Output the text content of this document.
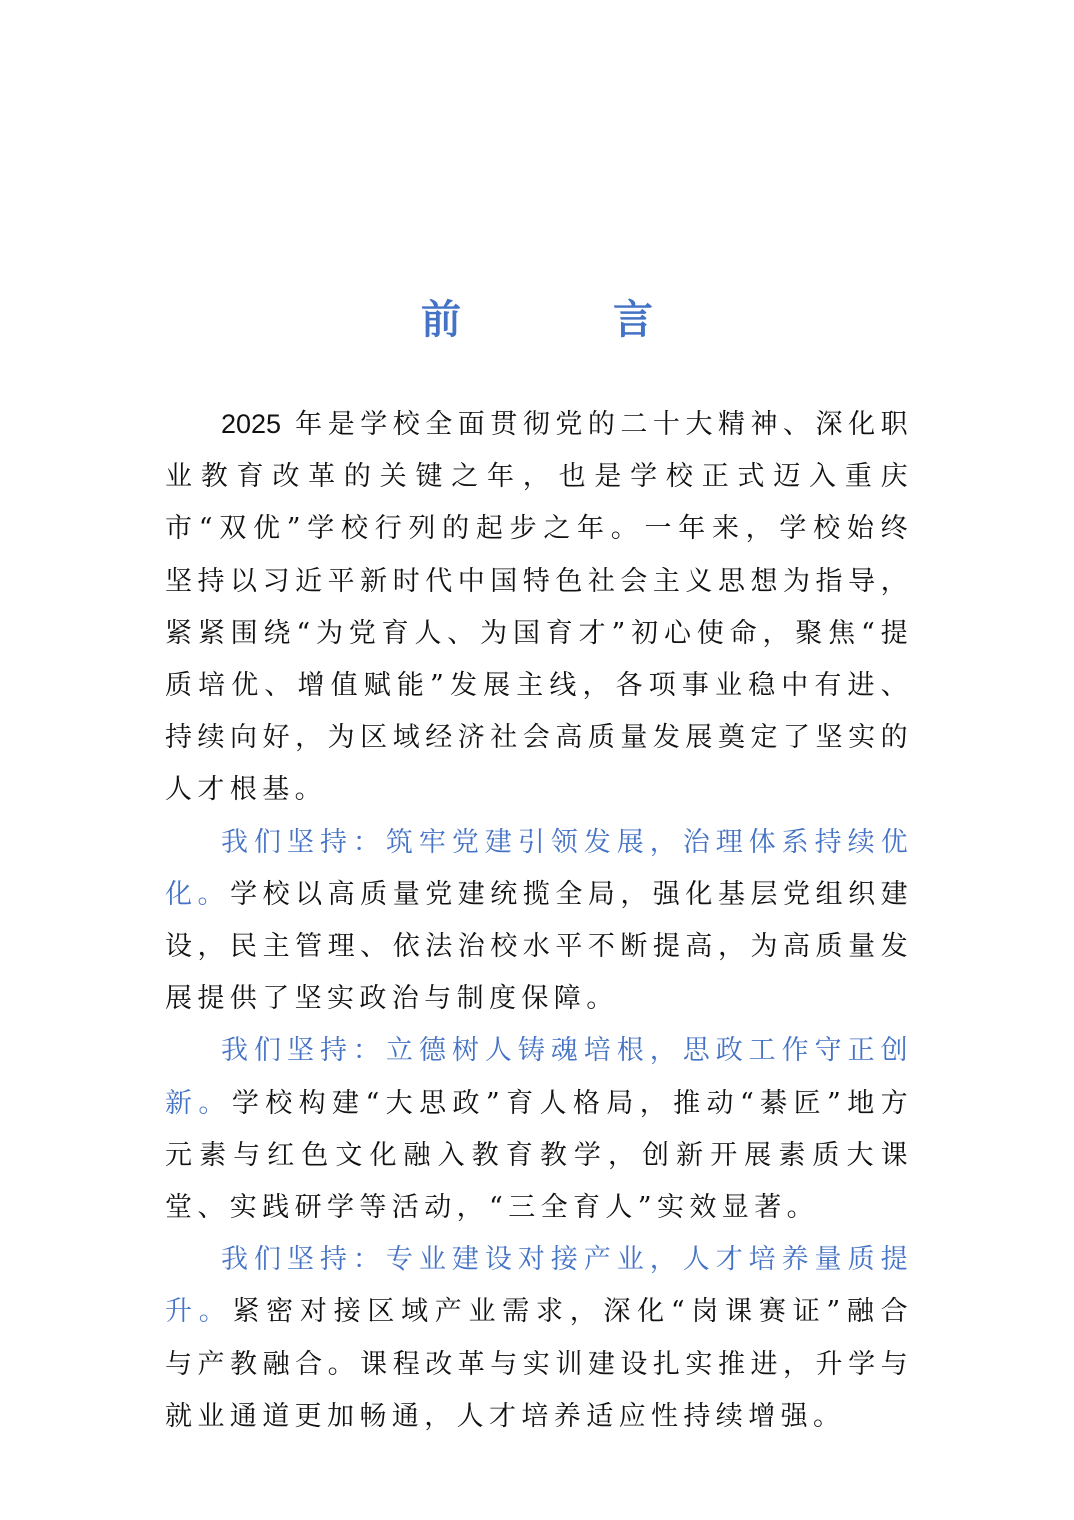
前　言

2025 年是学校全面贯彻党的二十大精神、深化职业教育改革的关键之年，也是学校正式迈入重庆市“双优”学校行列的起步之年。一年来，学校始终坚持以习近平新时代中国特色社会主义思想为指导，紧紧围绕“为党育人、为国育才”初心使命，聚焦“提质培优、增值赋能”发展主线，各项事业稳中有进、持续向好，为区域经济社会高质量发展奠定了坚实的人才根基。

我们坚持：筑牢党建引领发展，治理体系持续优化。学校以高质量党建统揽全局，强化基层党组织建设，民主管理、依法治校水平不断提高，为高质量发展提供了坚实政治与制度保障。

我们坚持：立德树人铸魂培根，思政工作守正创新。学校构建“大思政”育人格局，推动“綦匠”地方元素与红色文化融入教育教学，创新开展素质大课堂、实践研学等活动，“三全育人”实效显著。

我们坚持：专业建设对接产业，人才培养量质提升。紧密对接区域产业需求，深化“岗课赛证”融合与产教融合。课程改革与实训建设扎实推进，升学与就业通道更加畅通，人才培养适应性持续增强。
